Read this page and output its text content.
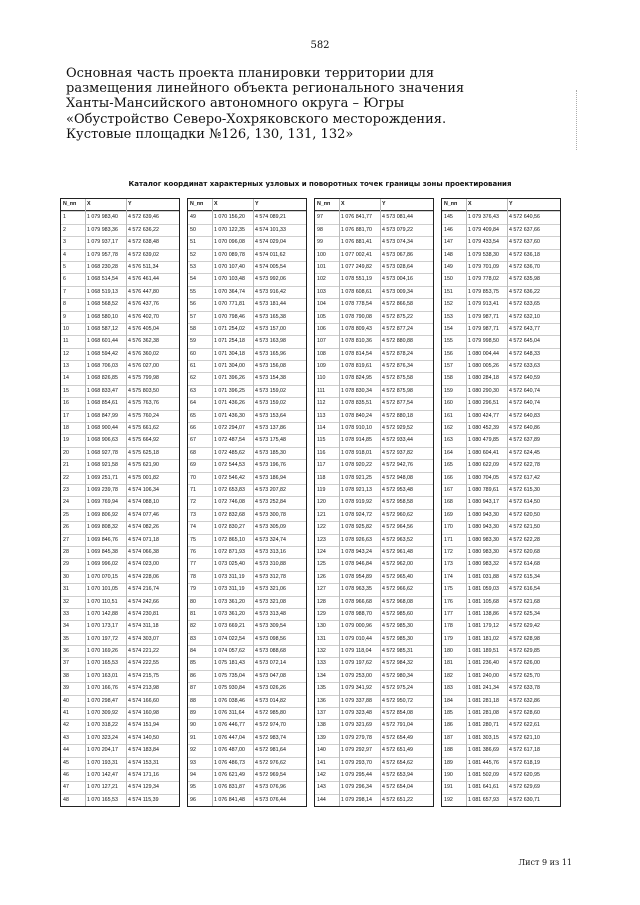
582
Основная часть проекта планировки территории для размещения линейного объекта регионального значения Ханты-Мансийского автономного округа – Югры «Обустройство Северо-Хохряковского месторождения. Кустовые площадки №126, 130, 131, 132»
Каталог координат характерных узловых и поворотных точек границы зоны проектирования
N_пп	X	Y
1	1 079 983,40	4 572 639,46
2	1 079 983,36	4 572 636,22
3	1 079 937,17	4 572 638,48
4	1 079 957,78	4 572 639,02
5	1 068 230,28	4 576 511,34
6	1 068 514,54	4 576 461,44
7	1 068 519,13	4 576 447,80
8	1 068 568,52	4 576 437,76
9	1 068 580,10	4 576 402,70
10	1 068 587,12	4 576 405,04
11	1 068 601,44	4 576 362,38
12	1 068 594,42	4 576 360,02
13	1 068 706,03	4 576 027,00
14	1 068 826,85	4 575 799,98
15	1 068 833,47	4 575 803,50
16	1 068 854,61	4 575 763,76
17	1 068 847,99	4 575 760,24
18	1 068 900,44	4 575 661,62
19	1 068 906,63	4 575 664,92
20	1 068 927,78	4 575 625,18
21	1 068 921,58	4 575 621,90
22	1 069 251,71	4 575 001,82
23	1 069 239,78	4 574 106,34
24	1 069 769,94	4 574 088,10
25	1 069 806,92	4 574 077,46
26	1 069 808,32	4 574 082,26
27	1 069 846,76	4 574 071,18
28	1 069 845,38	4 574 066,38
29	1 069 996,02	4 574 023,00
30	1 070 070,15	4 574 228,06
31	1 070 101,05	4 574 216,74
32	1 070 110,51	4 574 242,66
33	1 070 142,88	4 574 230,81
34	1 070 173,17	4 574 311,18
35	1 070 197,72	4 574 303,07
36	1 070 169,26	4 574 221,22
37	1 070 165,53	4 574 222,55
38	1 070 163,01	4 574 215,75
39	1 070 166,76	4 574 213,98
40	1 070 298,47	4 574 166,60
41	1 070 309,92	4 574 160,98
42	1 070 318,22	4 574 151,94
43	1 070 323,24	4 574 140,50
44	1 070 204,17	4 574 183,84
45	1 070 193,31	4 574 153,31
46	1 070 142,47	4 574 171,16
47	1 070 127,21	4 574 129,34
48	1 070 165,53	4 574 115,39
N_пп	X	Y
49	1 070 156,20	4 574 089,21
50	1 070 122,35	4 574 101,33
51	1 070 096,08	4 574 029,04
52	1 070 089,78	4 574 011,62
53	1 070 107,40	4 574 005,54
54	1 070 103,48	4 573 992,06
55	1 070 364,74	4 573 916,42
56	1 070 771,81	4 573 181,44
57	1 070 798,46	4 573 165,38
58	1 071 254,02	4 573 157,00
59	1 071 254,18	4 573 163,98
60	1 071 304,18	4 573 165,96
61	1 071 304,00	4 573 156,08
62	1 071 396,26	4 573 154,38
63	1 071 396,25	4 573 159,02
64	1 071 436,26	4 573 159,02
65	1 071 436,30	4 573 153,64
66	1 072 294,07	4 573 137,86
67	1 072 487,54	4 573 175,48
68	1 072 485,62	4 573 185,30
69	1 072 544,53	4 573 196,76
70	1 072 546,42	4 573 186,94
71	1 072 653,83	4 573 207,82
72	1 072 746,08	4 573 252,84
73	1 072 832,68	4 573 300,78
74	1 072 830,27	4 573 305,09
75	1 072 865,10	4 573 324,74
76	1 072 871,93	4 573 313,16
77	1 073 025,40	4 573 310,88
78	1 073 311,19	4 573 312,78
79	1 073 311,19	4 573 321,06
80	1 073 361,20	4 573 321,08
81	1 073 361,20	4 573 313,48
82	1 073 669,21	4 573 309,54
83	1 074 022,54	4 573 098,56
84	1 074 057,62	4 573 088,68
85	1 075 181,43	4 573 072,14
86	1 075 735,04	4 573 047,08
87	1 075 930,84	4 573 026,26
88	1 076 038,46	4 573 014,82
89	1 076 311,64	4 572 985,80
90	1 076 446,77	4 572 974,70
91	1 076 447,04	4 572 983,74
92	1 076 487,00	4 572 981,64
93	1 076 486,73	4 572 976,62
94	1 076 621,49	4 572 969,54
95	1 076 831,87	4 573 076,96
96	1 076 841,48	4 573 076,44
N_пп	X	Y
97	1 076 841,77	4 573 081,44
98	1 076 881,70	4 573 079,22
99	1 076 881,41	4 573 074,34
100	1 077 002,41	4 573 067,86
101	1 077 249,82	4 573 028,64
102	1 078 551,19	4 573 004,16
103	1 078 608,61	4 573 009,34
104	1 078 778,54	4 572 866,58
105	1 078 790,08	4 572 875,22
106	1 078 809,43	4 572 877,24
107	1 078 810,36	4 572 880,88
108	1 078 814,54	4 572 878,24
109	1 078 819,61	4 572 876,34
110	1 078 824,95	4 572 875,58
111	1 078 830,34	4 572 875,98
112	1 078 835,51	4 572 877,54
113	1 078 840,24	4 572 880,18
114	1 078 910,10	4 572 929,52
115	1 078 914,85	4 572 933,44
116	1 078 918,01	4 572 937,82
117	1 078 920,22	4 572 942,76
118	1 078 921,25	4 572 948,08
119	1 078 921,13	4 572 953,48
120	1 078 919,92	4 572 958,58
121	1 078 924,72	4 572 960,62
122	1 078 925,82	4 572 964,56
123	1 078 926,63	4 572 963,52
124	1 078 943,24	4 572 961,48
125	1 078 946,84	4 572 962,00
126	1 078 954,89	4 572 965,40
127	1 078 963,35	4 572 966,62
128	1 078 966,68	4 572 968,08
129	1 078 988,70	4 572 985,60
130	1 079 000,96	4 572 985,30
131	1 079 010,44	4 572 985,30
132	1 079 118,04	4 572 985,31
133	1 079 197,62	4 572 984,32
134	1 079 253,00	4 572 980,34
135	1 079 341,92	4 572 975,24
136	1 079 337,88	4 572 950,72
137	1 079 323,48	4 572 854,08
138	1 079 321,69	4 572 791,04
139	1 079 279,78	4 572 654,49
140	1 079 292,97	4 572 651,49
141	1 079 293,70	4 572 654,62
142	1 079 295,44	4 572 653,94
143	1 079 296,34	4 572 654,04
144	1 079 298,14	4 572 651,22
N_пп	X	Y
145	1 079 376,43	4 572 640,56
146	1 079 409,84	4 572 637,66
147	1 079 433,54	4 572 637,60
148	1 079 538,30	4 572 636,18
149	1 079 701,09	4 572 636,70
150	1 079 778,02	4 572 635,98
151	1 079 853,75	4 572 636,22
152	1 079 913,41	4 572 633,65
153	1 079 987,71	4 572 632,10
154	1 079 987,71	4 572 643,77
155	1 079 998,50	4 572 645,04
156	1 080 004,44	4 572 648,33
157	1 080 005,26	4 572 633,63
158	1 080 284,18	4 572 640,59
159	1 080 290,30	4 572 640,74
160	1 080 296,51	4 572 640,74
161	1 080 424,77	4 572 640,83
162	1 080 452,39	4 572 640,86
163	1 080 479,85	4 572 637,89
164	1 080 604,41	4 572 624,45
165	1 080 622,09	4 572 622,78
166	1 080 704,05	4 572 617,42
167	1 080 789,61	4 572 615,30
168	1 080 943,17	4 572 614,50
169	1 080 943,30	4 572 620,50
170	1 080 943,30	4 572 621,50
171	1 080 983,30	4 572 622,28
172	1 080 983,30	4 572 620,68
173	1 080 983,32	4 572 614,68
174	1 081 031,88	4 572 615,34
175	1 081 059,03	4 572 616,54
176	1 081 105,68	4 572 621,68
177	1 081 138,86	4 572 625,34
178	1 081 179,12	4 572 629,42
179	1 081 181,02	4 572 628,98
180	1 081 189,51	4 572 629,85
181	1 081 236,40	4 572 626,00
182	1 081 240,00	4 572 625,70
183	1 081 241,34	4 572 633,78
184	1 081 281,18	4 572 632,86
185	1 081 281,08	4 572 628,60
186	1 081 280,71	4 572 622,61
187	1 081 303,15	4 572 621,10
188	1 081 386,69	4 572 617,18
189	1 081 445,76	4 572 618,19
190	1 081 502,09	4 572 620,95
191	1 081 641,61	4 572 629,69
192	1 081 657,93	4 572 630,71
Лист 9 из 11
